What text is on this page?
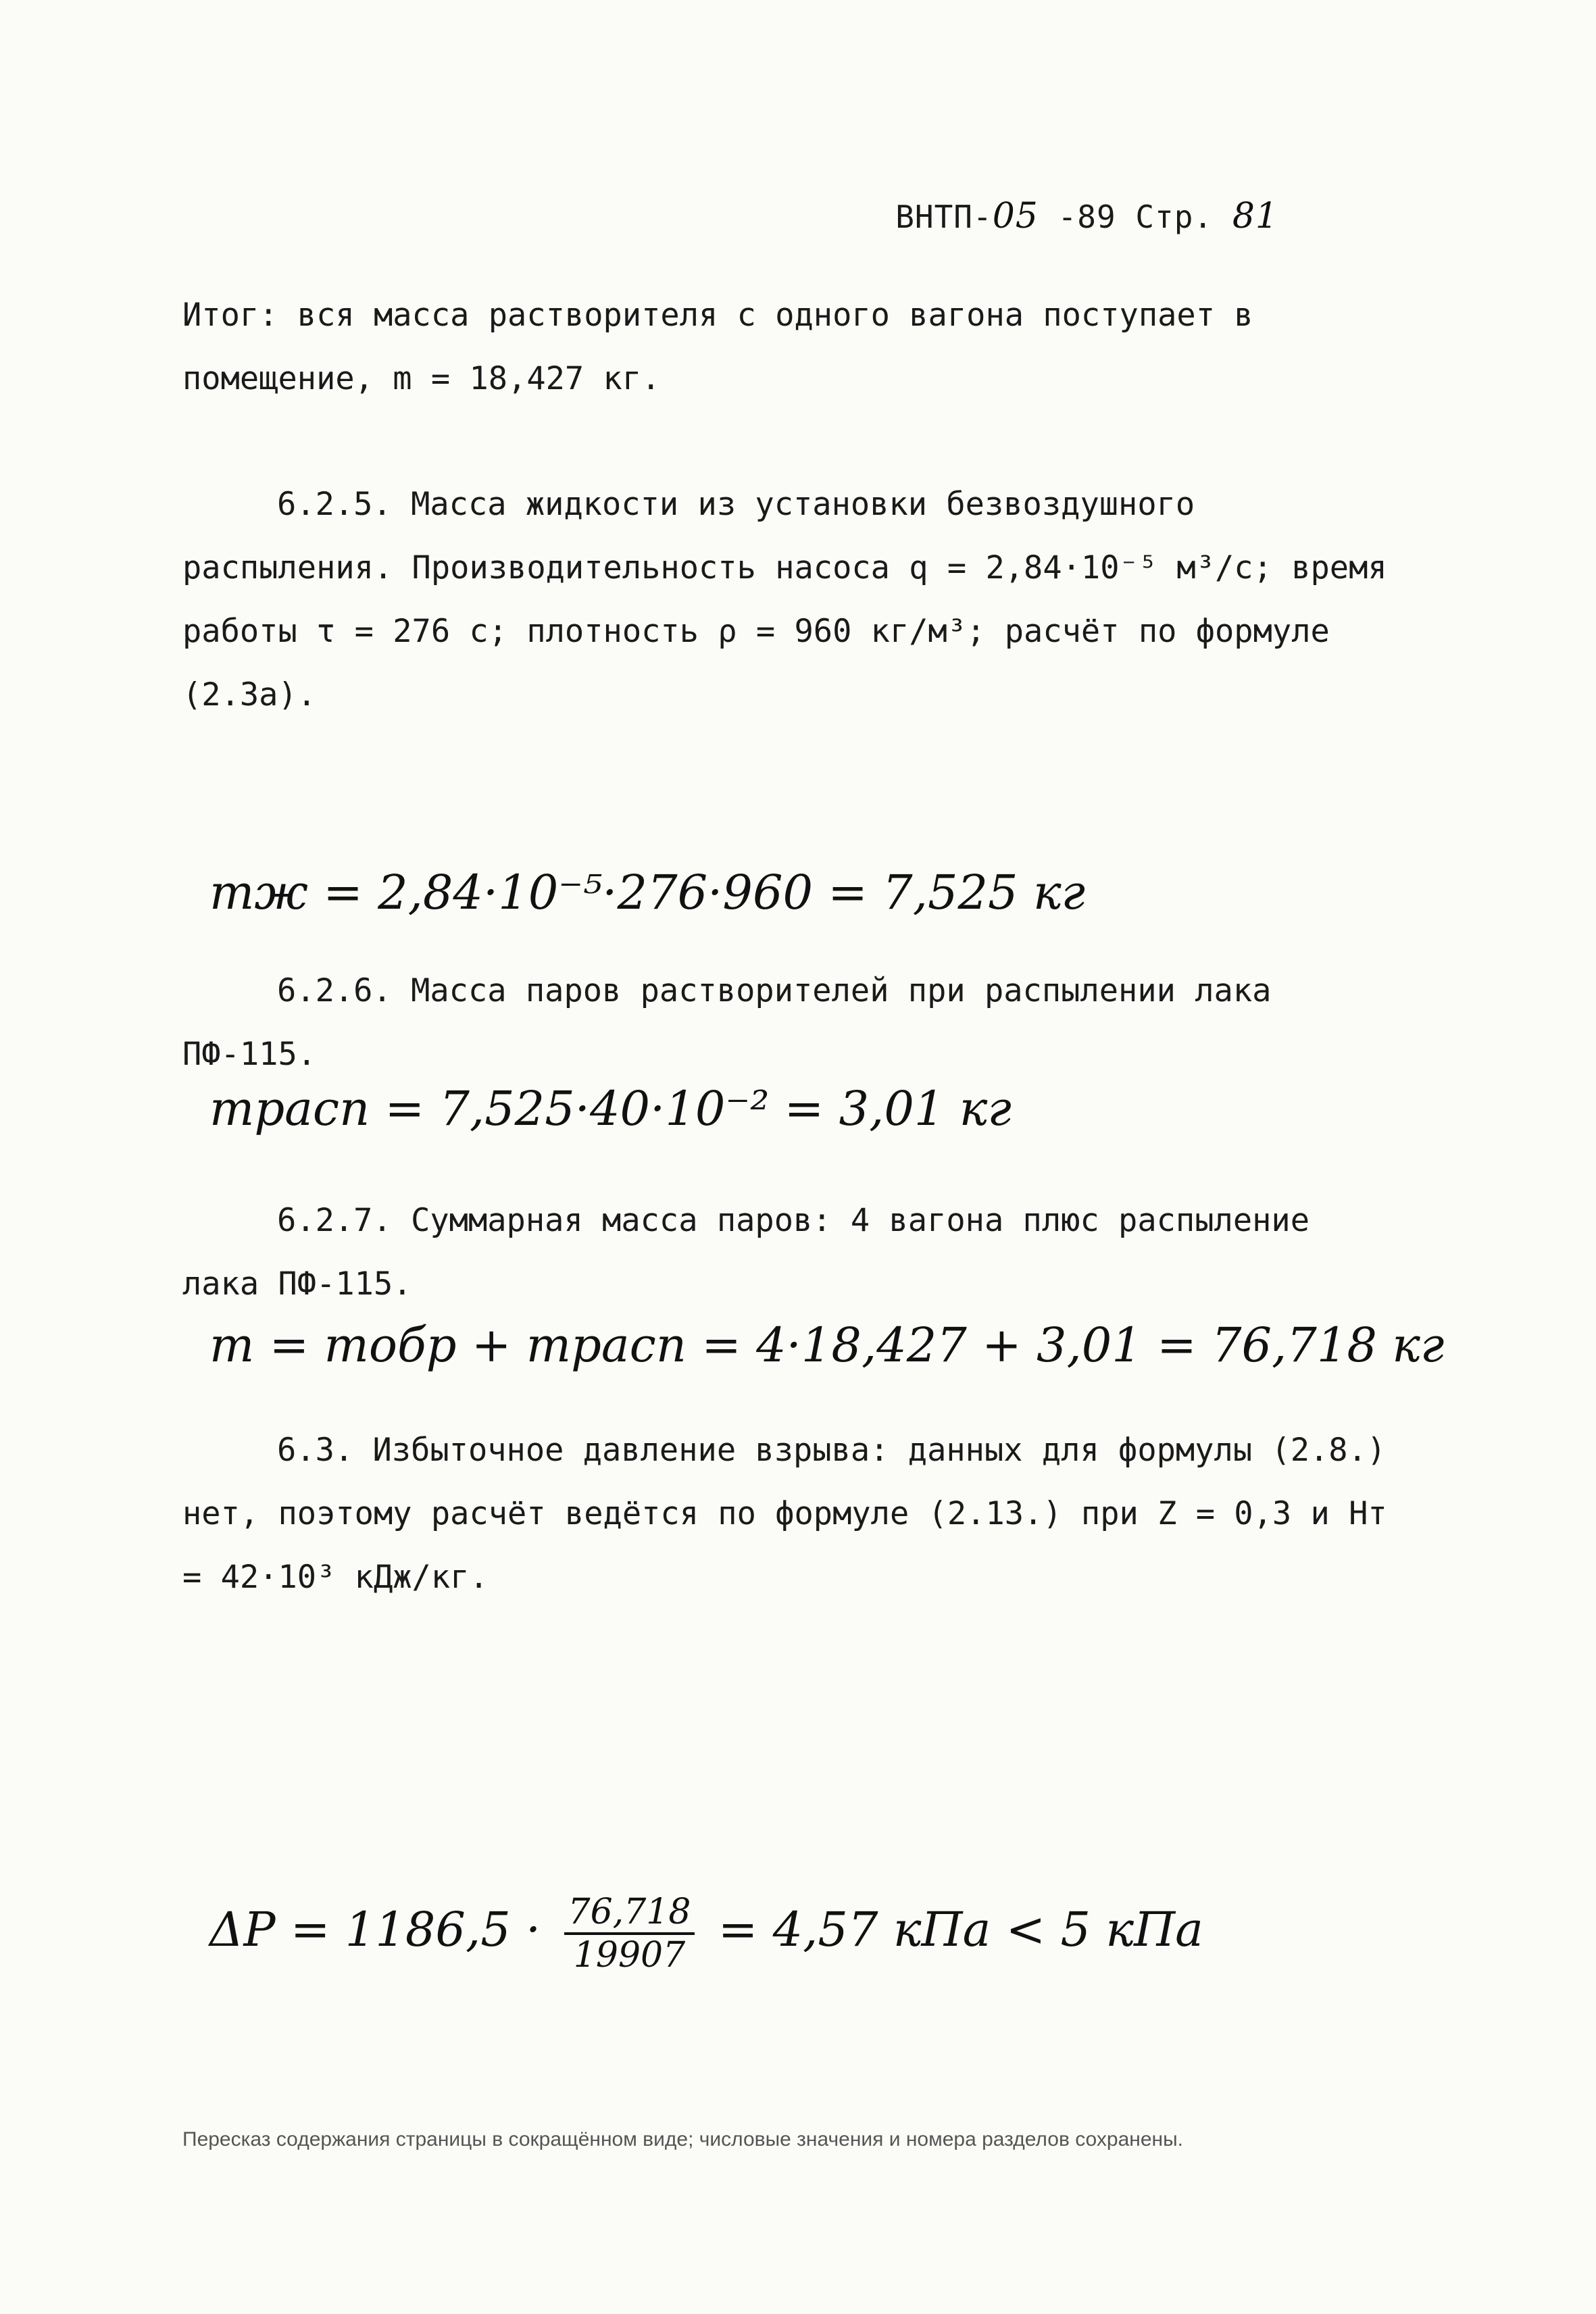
ВНТП-05 -89 Стр. 81
Итог: вся масса растворителя с одного вагона поступает в помещение, m = 18,427 кг.
6.2.5. Масса жидкости из установки безвоздушного распыления. Производительность насоса q = 2,84·10⁻⁵ м³/с; время работы τ = 276 с; плотность ρ = 960 кг/м³; расчёт по формуле (2.3а).
mж = 2,84·10⁻⁵·276·960 = 7,525 кг
6.2.6. Масса паров растворителей при распылении лака ПФ-115.
mрасп = 7,525·40·10⁻² = 3,01 кг
6.2.7. Суммарная масса паров: 4 вагона плюс распыление лака ПФ-115.
m = mобр + mрасп = 4·18,427 + 3,01 = 76,718 кг
6.3. Избыточное давление взрыва: данных для формулы (2.8.) нет, поэтому расчёт ведётся по формуле (2.13.) при Z = 0,3 и Hт = 42·10³ кДж/кг.
$\Delta P = 1186,5 \cdot \frac{76,718}{19907} = 4,57$ кПа < 5 кПа
Пересказ содержания страницы в сокращённом виде; числовые значения и номера разделов сохранены.
